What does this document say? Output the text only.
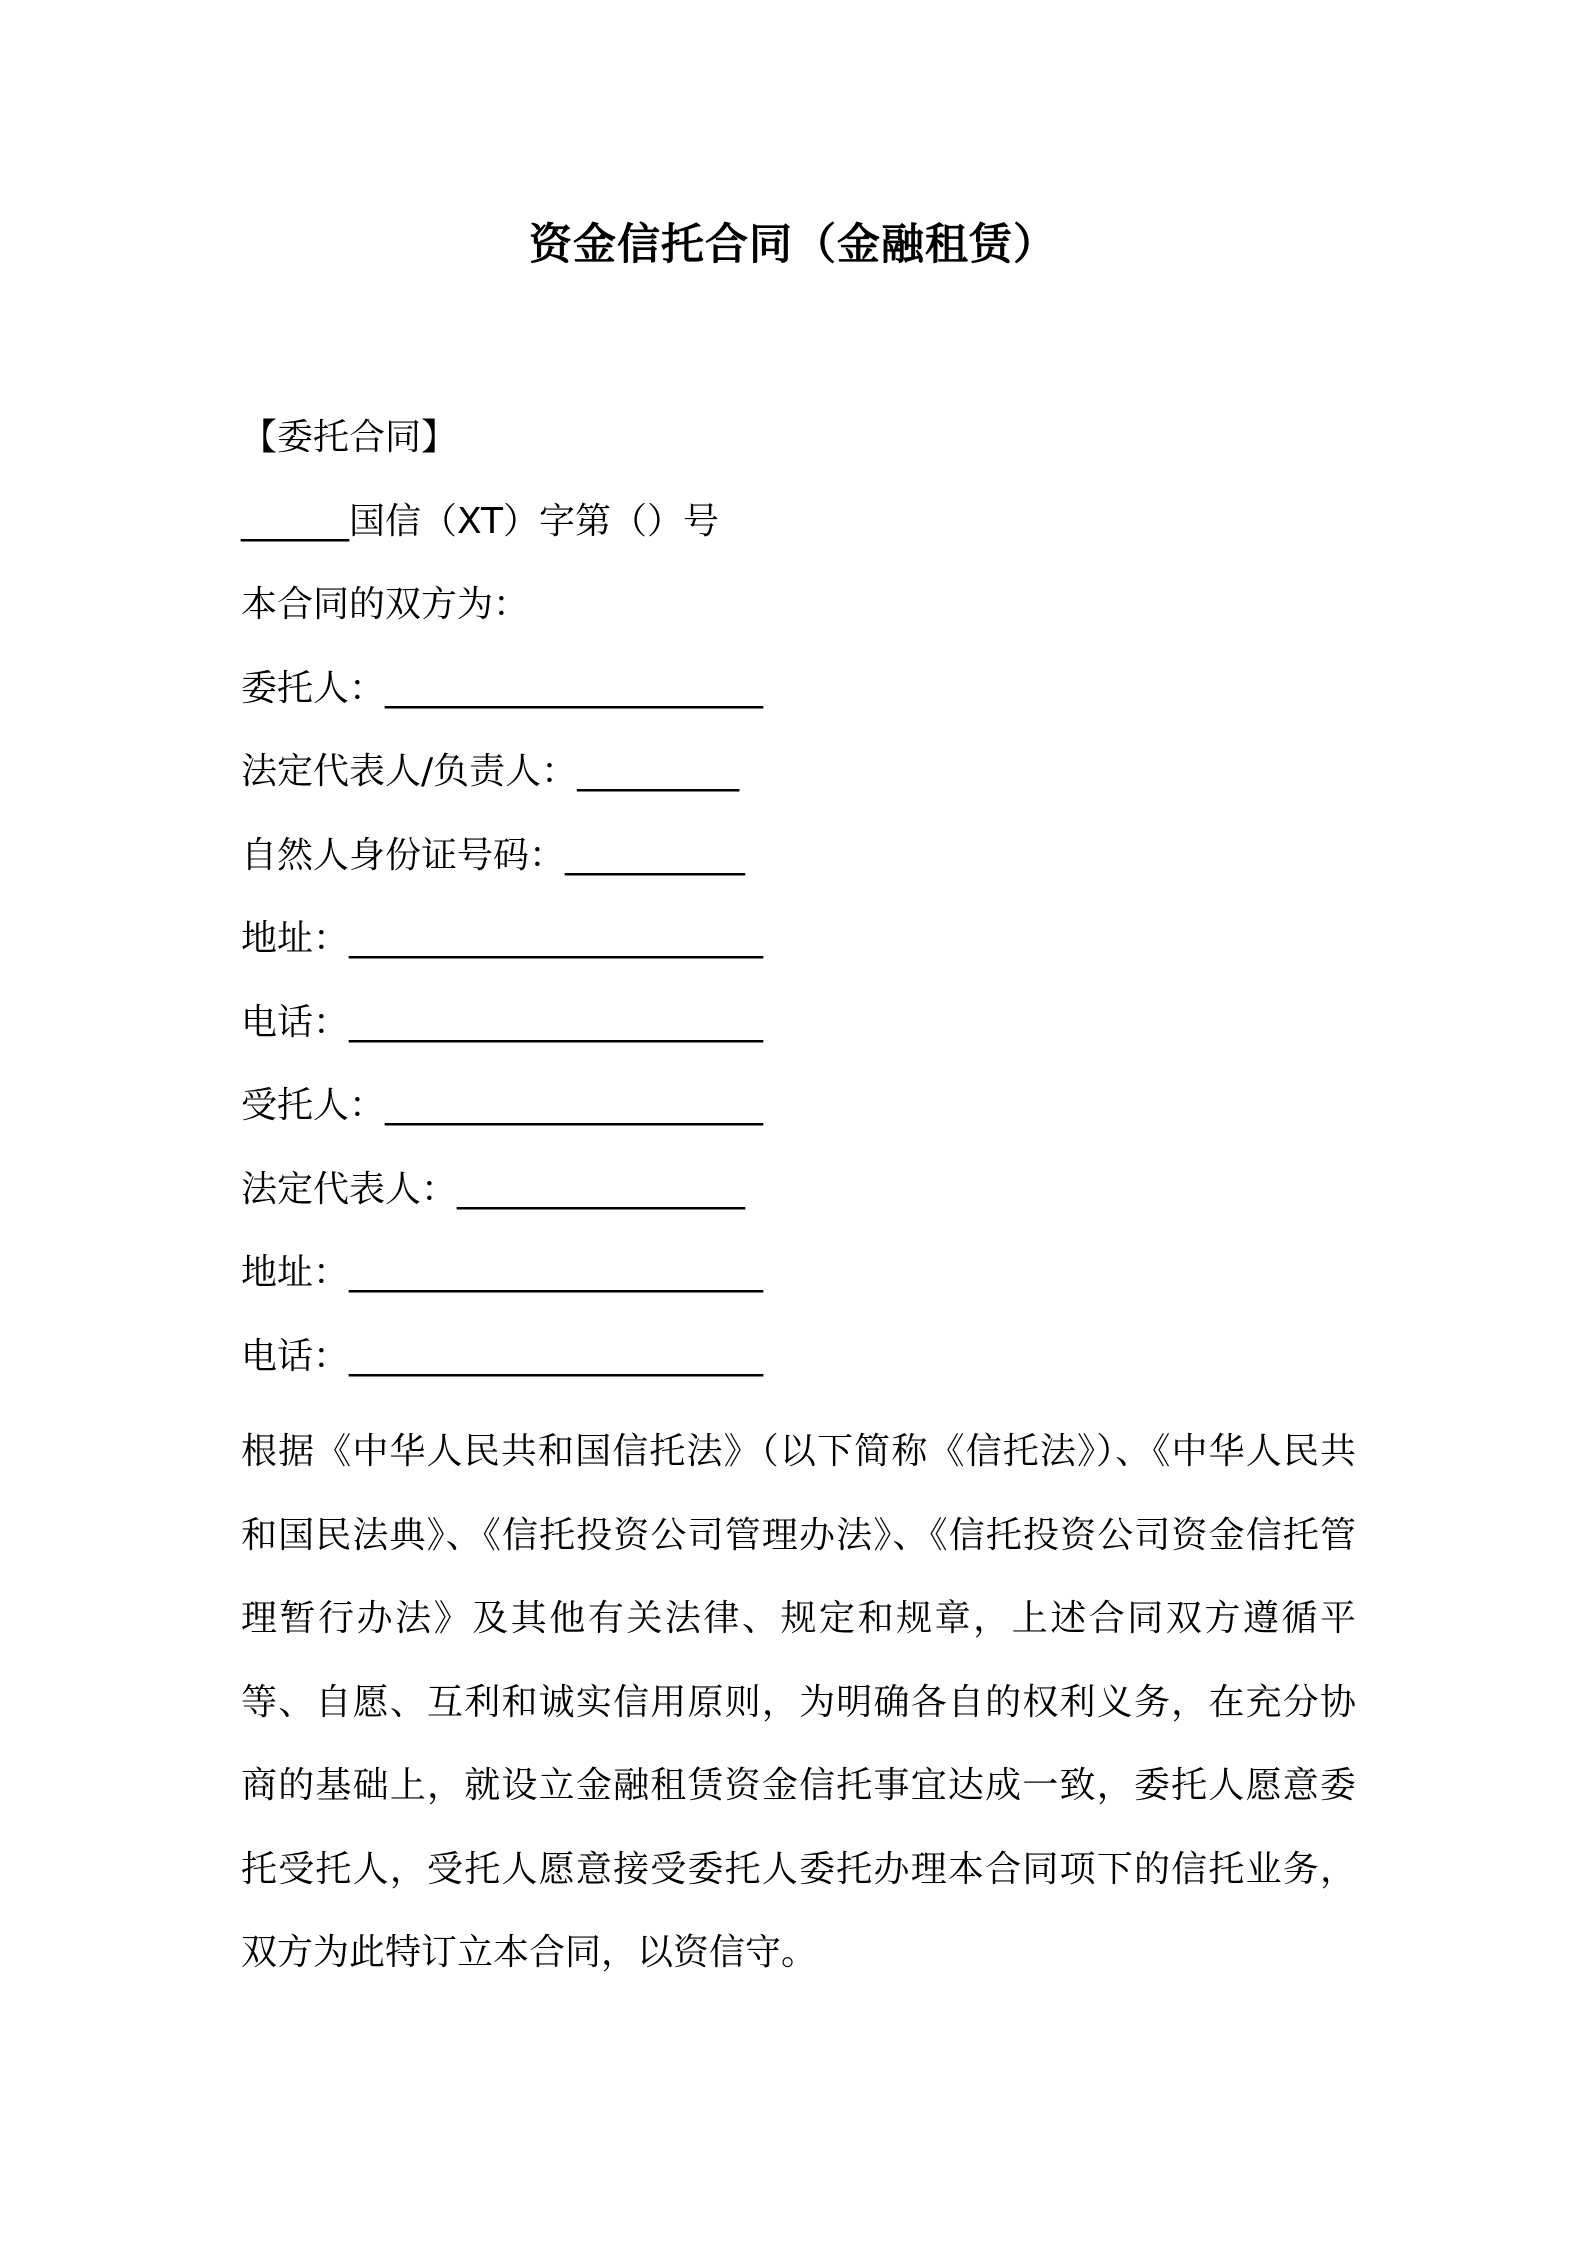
资金信托合同（金融租赁）
【委托合同】
______国信（XT）字第（）号
本合同的双方为：
委托人：_____________________
法定代表人/负责人：_________
自然人身份证号码：__________
地址：_______________________
电话：_______________________
受托人：_____________________
法定代表人：________________
地址：_______________________
电话：_______________________
根据《中华人民共和国信托法》（以下简称《信托法》）、《中华人民共和国民法典》、《信托投资公司管理办法》、《信托投资公司资金信托管理暂行办法》及其他有关法律、规定和规章，上述合同双方遵循平等、自愿、互利和诚实信用原则，为明确各自的权利义务，在充分协商的基础上，就设立金融租赁资金信托事宜达成一致，委托人愿意委托受托人，受托人愿意接受委托人委托办理本合同项下的信托业务，双方为此特订立本合同，以资信守。
